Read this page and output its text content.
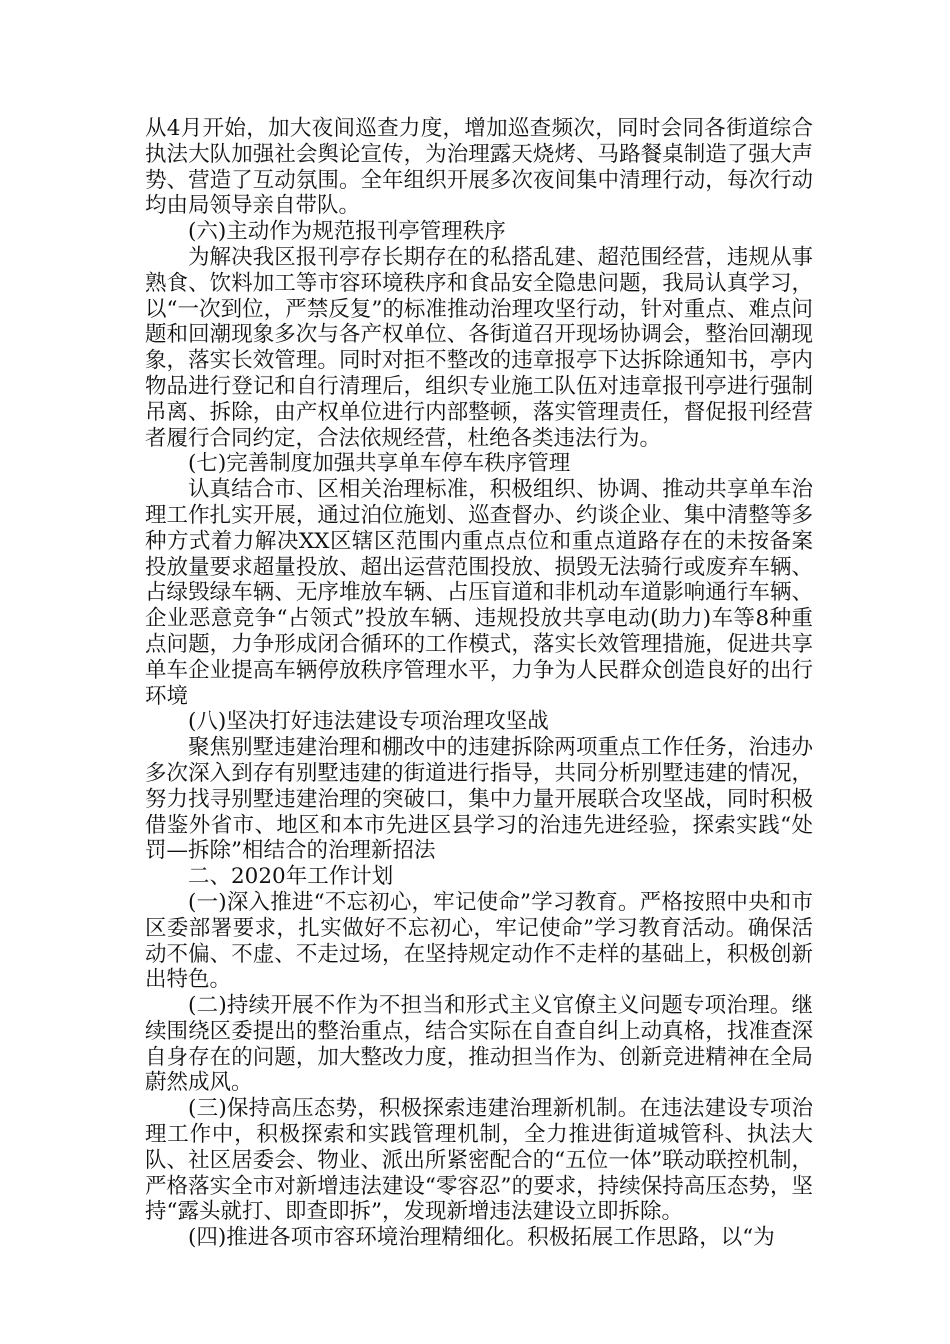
从4月开始，加大夜间巡查力度，增加巡查频次，同时会同各街道综合执法大队加强社会舆论宣传，为治理露天烧烤、马路餐桌制造了强大声势、营造了互动氛围。全年组织开展多次夜间集中清理行动，每次行动均由局领导亲自带队。

(六)主动作为规范报刊亭管理秩序

为解决我区报刊亭存长期存在的私搭乱建、超范围经营，违规从事熟食、饮料加工等市容环境秩序和食品安全隐患问题，我局认真学习，以“一次到位，严禁反复”的标准推动治理攻坚行动，针对重点、难点问题和回潮现象多次与各产权单位、各街道召开现场协调会，整治回潮现象，落实长效管理。同时对拒不整改的违章报亭下达拆除通知书，亭内物品进行登记和自行清理后，组织专业施工队伍对违章报刊亭进行强制吊离、拆除，由产权单位进行内部整顿，落实管理责任，督促报刊经营者履行合同约定，合法依规经营，杜绝各类违法行为。

(七)完善制度加强共享单车停车秩序管理

认真结合市、区相关治理标准，积极组织、协调、推动共享单车治理工作扎实开展，通过泊位施划、巡查督办、约谈企业、集中清整等多种方式着力解决XX区辖区范围内重点点位和重点道路存在的未按备案投放量要求超量投放、超出运营范围投放、损毁无法骑行或废弃车辆、占绿毁绿车辆、无序堆放车辆、占压盲道和非机动车道影响通行车辆、企业恶意竞争“占领式”投放车辆、违规投放共享电动(助力)车等8种重点问题，力争形成闭合循环的工作模式，落实长效管理措施，促进共享单车企业提高车辆停放秩序管理水平，力争为人民群众创造良好的出行环境

(八)坚决打好违法建设专项治理攻坚战

聚焦别墅违建治理和棚改中的违建拆除两项重点工作任务，治违办多次深入到存有别墅违建的街道进行指导，共同分析别墅违建的情况，努力找寻别墅违建治理的突破口，集中力量开展联合攻坚战，同时积极借鉴外省市、地区和本市先进区县学习的治违先进经验，探索实践“处罚—拆除”相结合的治理新招法

二、2020年工作计划

(一)深入推进“不忘初心，牢记使命”学习教育。严格按照中央和市区委部署要求，扎实做好不忘初心，牢记使命”学习教育活动。确保活动不偏、不虚、不走过场，在坚持规定动作不走样的基础上，积极创新出特色。

(二)持续开展不作为不担当和形式主义官僚主义问题专项治理。继续围绕区委提出的整治重点，结合实际在自查自纠上动真格，找准查深自身存在的问题，加大整改力度，推动担当作为、创新竞进精神在全局蔚然成风。

(三)保持高压态势，积极探索违建治理新机制。在违法建设专项治理工作中，积极探索和实践管理机制，全力推进街道城管科、执法大队、社区居委会、物业、派出所紧密配合的“五位一体”联动联控机制，严格落实全市对新增违法建设“零容忍”的要求，持续保持高压态势，坚持“露头就打、即查即拆”，发现新增违法建设立即拆除。

(四)推进各项市容环境治理精细化。积极拓展工作思路，以“为
